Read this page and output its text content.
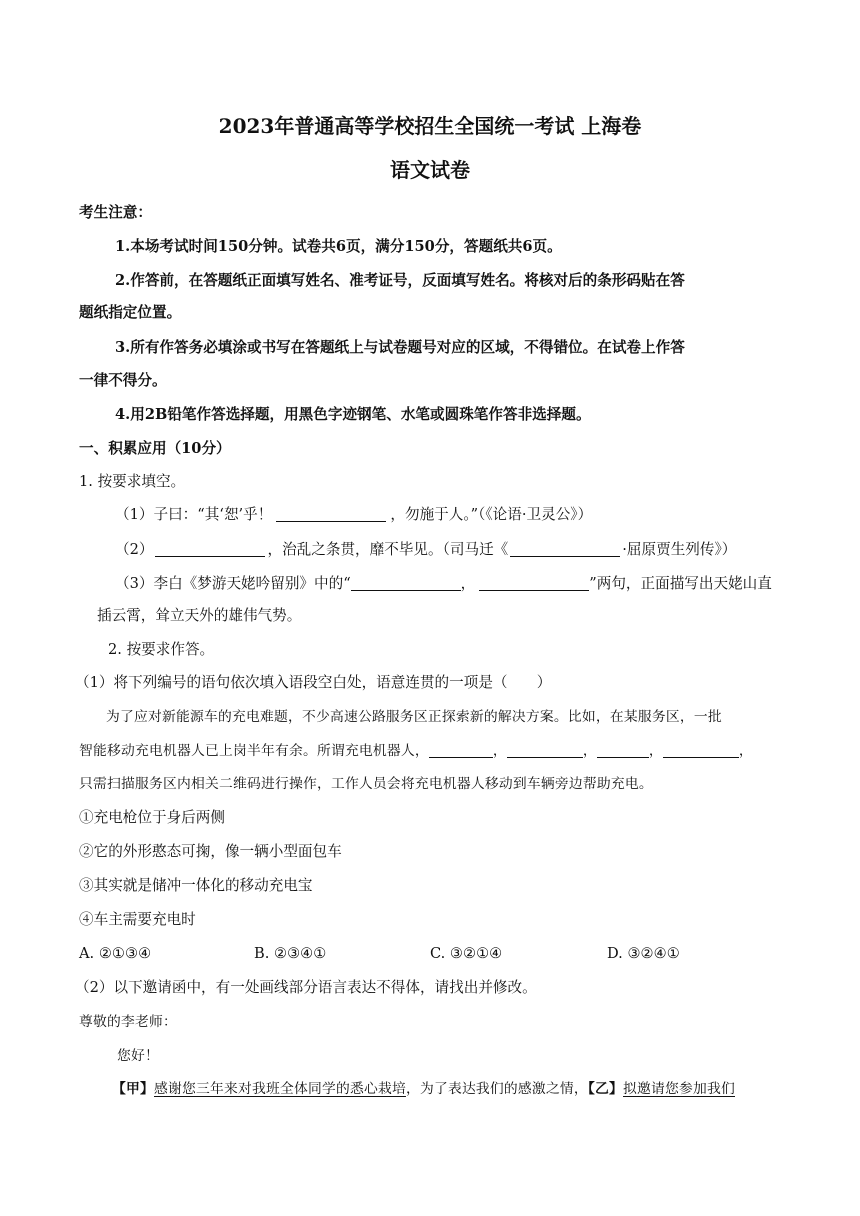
2023年普通高等学校招生全国统一考试 上海卷
语文试卷
考生注意：
1.本场考试时间150分钟。试卷共6页，满分150分，答题纸共6页。
2.作答前，在答题纸正面填写姓名、准考证号，反面填写姓名。将核对后的条形码贴在答
题纸指定位置。
3.所有作答务必填涂或书写在答题纸上与试卷题号对应的区域，不得错位。在试卷上作答
一律不得分。
4.用2B铅笔作答选择题，用黑色字迹钢笔、水笔或圆珠笔作答非选择题。
一、积累应用（10分）
1. 按要求填空。
（1）子曰：“其‘恕’乎！	，勿施于人。”（《论语·卫灵公》）
（2）	，治乱之条贯，靡不毕见。（司马迁《	·屈原贾生列传》）
（3）李白《梦游天姥吟留别》中的“	，	”两句，正面描写出天姥山直
插云霄，耸立天外的雄伟气势。
2. 按要求作答。
（1）将下列编号的语句依次填入语段空白处，语意连贯的一项是（　　）
为了应对新能源车的充电难题，不少高速公路服务区正探索新的解决方案。比如，在某服务区，一批
智能移动充电机器人已上岗半年有余。所谓充电机器人，	，	，	，	，
只需扫描服务区内相关二维码进行操作，工作人员会将充电机器人移动到车辆旁边帮助充电。
①充电枪位于身后两侧
②它的外形憨态可掬，像一辆小型面包车
③其实就是储冲一体化的移动充电宝
④车主需要充电时
A. ②①③④	B. ②③④①	C. ③②①④	D. ③②④①
（2）以下邀请函中，有一处画线部分语言表达不得体，请找出并修改。
尊敬的李老师：
您好！
【甲】感谢您三年来对我班全体同学的悉心栽培，为了表达我们的感激之情，【乙】拟邀请您参加我们
